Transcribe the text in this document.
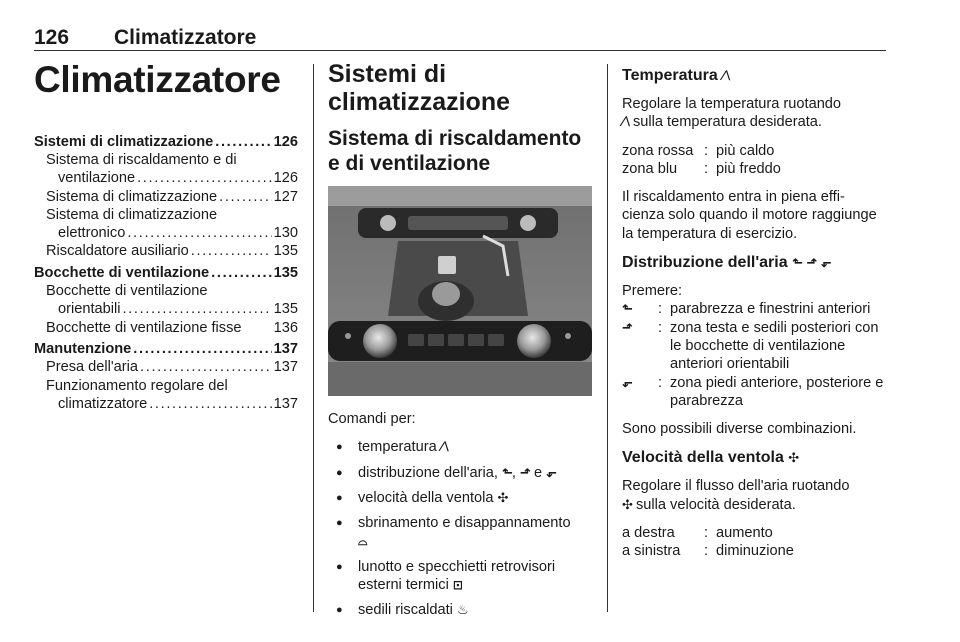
126 Climatizzatore
Climatizzatore
Sistemi di climatizzazione . . .	126
Sistema di riscaldamento e di
ventilazione . . .	126
Sistema di climatizzazione . . .	127
Sistema di climatizzazione
elettronico . . .	130
Riscaldatore ausiliario . . .	135
Bocchette di ventilazione . . .	135
Bocchette di ventilazione
orientabili . . .	135
Bocchette di ventilazione fisse 136
Manutenzione . . .	137
Presa dell'aria . . .	137
Funzionamento regolare del
climatizzatore . . .	137
Sistemi di climatizzazione
Sistema di riscaldamento e di ventilazione

Comandi per:

● temperatura ⁄ ⧵
● distribuzione dell'aria, ⬑, ⬏ e ⬐
● velocità della ventola ✣
● sbrinamento e disappannamento
⌓
● lunotto e specchietti retrovisori esterni termici ⊡
● sedili riscaldati ♨
Temperatura ⁄ ⧵

Regolare la temperatura ruotando
⁄ ⧵ sulla temperatura desiderata.

zona rossa : più caldo
zona blu	: più freddo

Il riscaldamento entra in piena effi-cienza solo quando il motore raggiunge la temperatura di esercizio.

Distribuzione dell'aria ⬑ ⬏ ⬐

Premere:

⬑	: parabrezza e finestrini anteriori
⬏	: zona testa e sedili posteriori con le bocchette di ventilazione anteriori orientabili
⬐	: zona piedi anteriore, posteriore e parabrezza

Sono possibili diverse combinazioni.

Velocità della ventola ✣

Regolare il flusso dell'aria ruotando
✣ sulla velocità desiderata.

a destra	: aumento
a sinistra	: diminuzione
